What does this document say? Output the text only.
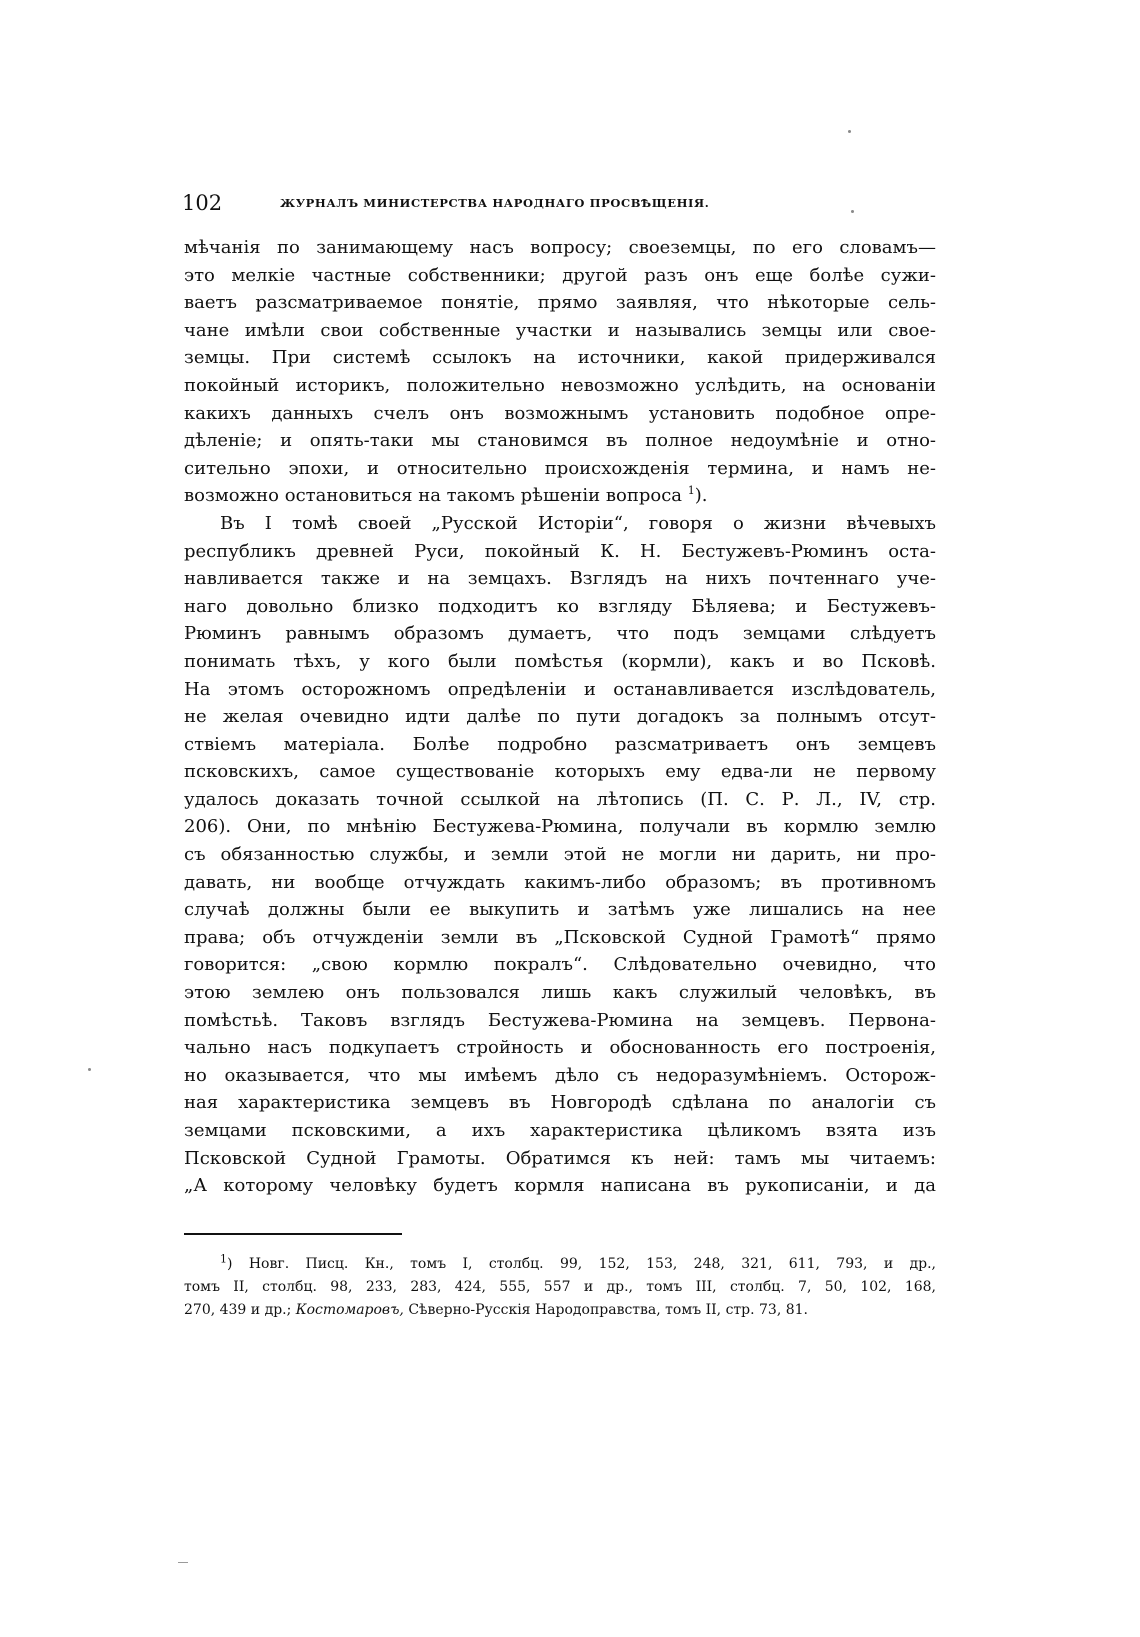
102	ЖУРНАЛЪ МИНИСТЕРСТВА НАРОДНАГО ПРОСВѢЩЕНІЯ.
мѣчанія по занимающему насъ вопросу; своеземцы, по его словамъ—
это мелкіе частные собственники; другой разъ онъ еще болѣе сужи-
ваетъ разсматриваемое понятіе, прямо заявляя, что нѣкоторые сель-
чане имѣли свои собственные участки и назывались земцы или свое-
земцы. При системѣ ссылокъ на источники, какой придерживался
покойный историкъ, положительно невозможно услѣдить, на основаніи
какихъ данныхъ счелъ онъ возможнымъ установить подобное опре-
дѣленіе; и опять-таки мы становимся въ полное недоумѣніе и отно-
сительно эпохи, и относительно происхожденія термина, и намъ не-
возможно остановиться на такомъ рѣшеніи вопроса $^1$).
Въ I томѣ своей „Русской Исторіи“, говоря о жизни вѣчевыхъ
республикъ древней Руси, покойный К. Н. Бестужевъ-Рюминъ оста-
навливается также и на земцахъ. Взглядъ на нихъ почтеннаго уче-
наго довольно близко подходитъ ко взгляду Бѣляева; и Бестужевъ-
Рюминъ равнымъ образомъ думаетъ, что подъ земцами слѣдуетъ
понимать тѣхъ, у кого были помѣстья (кормли), какъ и во Псковѣ.
На этомъ осторожномъ опредѣленіи и останавливается изслѣдователь,
не желая очевидно идти далѣе по пути догадокъ за полнымъ отсут-
ствіемъ матеріала. Болѣе подробно разсматриваетъ онъ земцевъ
псковскихъ, самое существованіе которыхъ ему едва-ли не первому
удалось доказать точной ссылкой на лѣтопись (П. С. Р. Л., IV, стр.
206). Они, по мнѣнію Бестужева-Рюмина, получали въ кормлю землю
съ обязанностью службы, и земли этой не могли ни дарить, ни про-
давать, ни вообще отчуждать какимъ-либо образомъ; въ противномъ
случаѣ должны были ее выкупить и затѣмъ уже лишались на нее
права; объ отчужденіи земли въ „Псковской Судной Грамотѣ“ прямо
говорится: „свою кормлю покралъ“. Слѣдовательно очевидно, что
этою землею онъ пользовался лишь какъ служилый человѣкъ, въ
помѣстьѣ. Таковъ взглядъ Бестужева-Рюмина на земцевъ. Первона-
чально насъ подкупаетъ стройность и обоснованность его построенія,
но оказывается, что мы имѣемъ дѣло съ недоразумѣніемъ. Осторож-
ная характеристика земцевъ въ Новгородѣ сдѣлана по аналогіи съ
земцами псковскими, а ихъ характеристика цѣликомъ взята изъ
Псковской Судной Грамоты. Обратимся къ ней: тамъ мы читаемъ:
„А которому человѣку будетъ кормля написана въ рукописаніи, и да
$^1$) Новг. Писц. Кн., томъ I, столбц. 99, 152, 153, 248, 321, 611, 793, и др.,
томъ II, столбц. 98, 233, 283, 424, 555, 557 и др., томъ III, столбц. 7, 50, 102, 168,
270, 439 и др.; Костомаровъ, Сѣверно-Русскія Народоправства, томъ II, стр. 73, 81.
